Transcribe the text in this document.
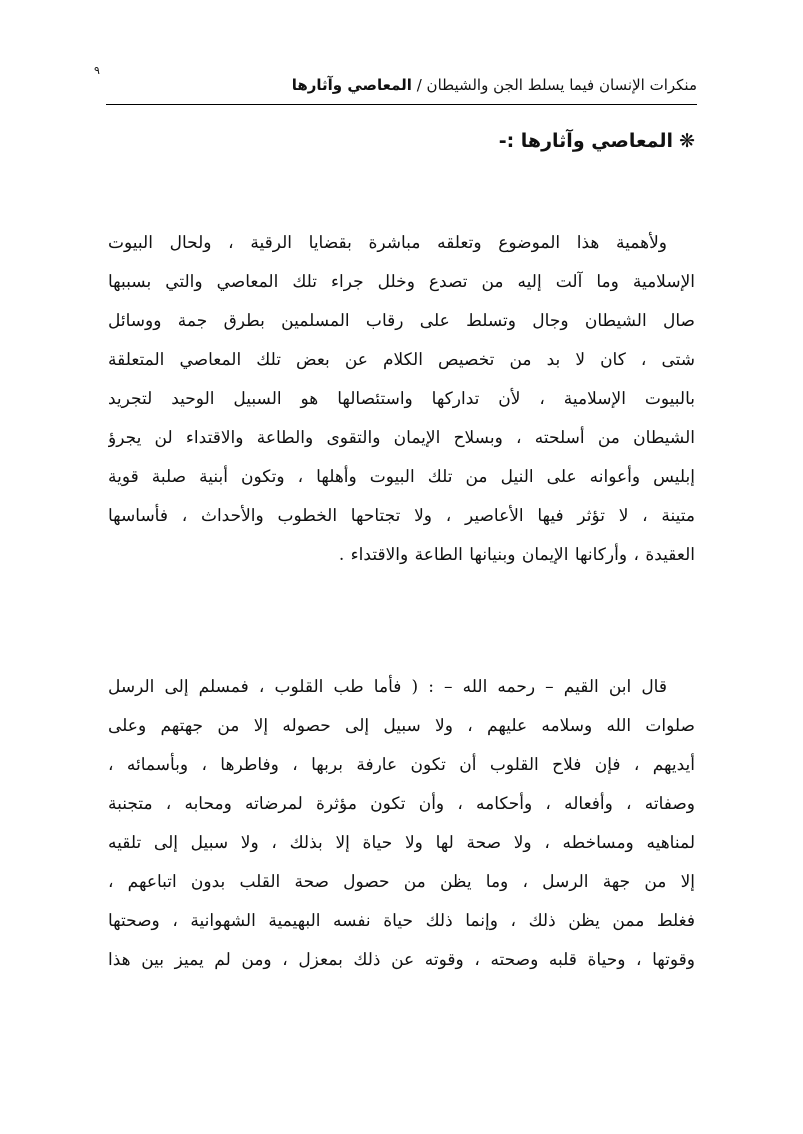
٩
منكرات الإنسان فيما يسلط الجن والشيطان / المعاصي وآثارها
❋المعاصي وآثارها :-
ولأهمية هذا الموضوع وتعلقه مباشرة بقضايا الرقية ، ولحال البيوت
الإسلامية وما آلت إليه من تصدع وخلل جراء تلك المعاصي والتي بسببها
صال الشيطان وجال وتسلط على رقاب المسلمين بطرق جمة ووسائل
شتى ، كان لا بد من تخصيص الكلام عن بعض تلك المعاصي المتعلقة
بالبيوت الإسلامية ، لأن تداركها واستئصالها هو السبيل الوحيد لتجريد
الشيطان من أسلحته ، وبسلاح الإيمان والتقوى والطاعة والاقتداء لن يجرؤ
إبليس وأعوانه على النيل من تلك البيوت وأهلها ، وتكون أبنية صلبة قوية
متينة ، لا تؤثر فيها الأعاصير ، ولا تجتاحها الخطوب والأحداث ، فأساسها
العقيدة ، وأركانها الإيمان وبنيانها الطاعة والاقتداء .
قال ابن القيم – رحمه الله – : ( فأما طب القلوب ، فمسلم إلى الرسل
صلوات الله وسلامه عليهم ، ولا سبيل إلى حصوله إلا من جهتهم وعلى
أيديهم ، فإن فلاح القلوب أن تكون عارفة بربها ، وفاطرها ، وبأسمائه ،
وصفاته ، وأفعاله ، وأحكامه ، وأن تكون مؤثرة لمرضاته ومحابه ، متجنبة
لمناهيه ومساخطه ، ولا صحة لها ولا حياة إلا بذلك ، ولا سبيل إلى تلقيه
إلا من جهة الرسل ، وما يظن من حصول صحة القلب بدون اتباعهم ،
فغلط ممن يظن ذلك ، وإنما ذلك حياة نفسه البهيمية الشهوانية ، وصحتها
وقوتها ، وحياة قلبه وصحته ، وقوته عن ذلك بمعزل ، ومن لم يميز بين هذا
